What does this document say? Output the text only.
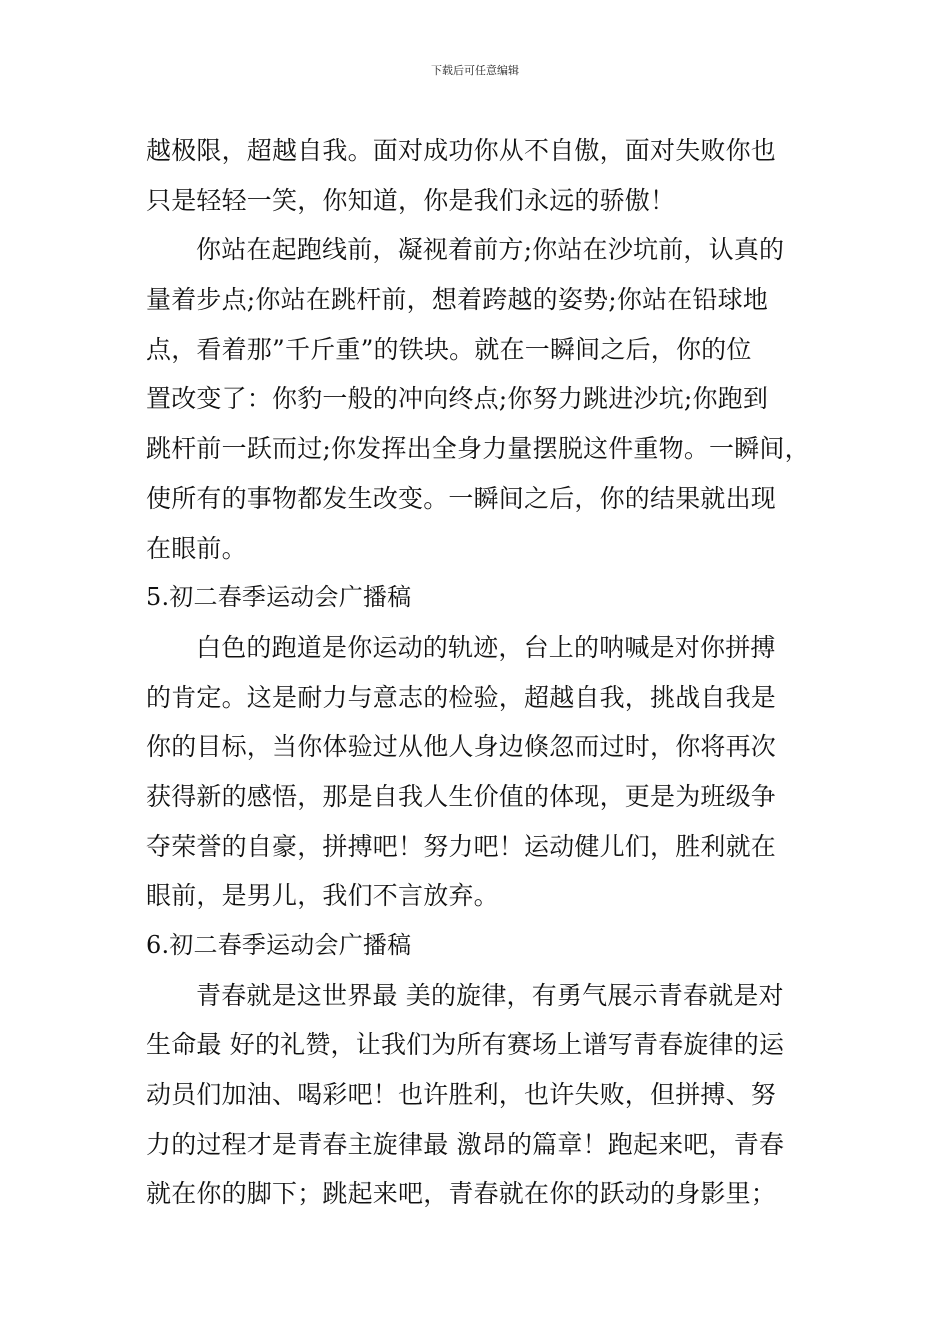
下载后可任意编辑
越极限，超越自我。面对成功你从不自傲，面对失败你也
只是轻轻一笑，你知道，你是我们永远的骄傲！
你站在起跑线前，凝视着前方;你站在沙坑前，认真的
量着步点;你站在跳杆前，想着跨越的姿势;你站在铅球地
点，看着那”千斤重”的铁块。就在一瞬间之后，你的位
置改变了：你豹一般的冲向终点;你努力跳进沙坑;你跑到
跳杆前一跃而过;你发挥出全身力量摆脱这件重物。一瞬间，
使所有的事物都发生改变。一瞬间之后，你的结果就出现
在眼前。
5.初二春季运动会广播稿
白色的跑道是你运动的轨迹，台上的呐喊是对你拼搏
的肯定。这是耐力与意志的检验，超越自我，挑战自我是
你的目标，当你体验过从他人身边倏忽而过时，你将再次
获得新的感悟，那是自我人生价值的体现，更是为班级争
夺荣誉的自豪，拼搏吧！努力吧！运动健儿们，胜利就在
眼前，是男儿，我们不言放弃。
6.初二春季运动会广播稿
青春就是这世界最 美的旋律，有勇气展示青春就是对
生命最 好的礼赞，让我们为所有赛场上谱写青春旋律的运
动员们加油、喝彩吧！也许胜利，也许失败，但拼搏、努
力的过程才是青春主旋律最 激昂的篇章！跑起来吧，青春
就在你的脚下；跳起来吧，青春就在你的跃动的身影里；
